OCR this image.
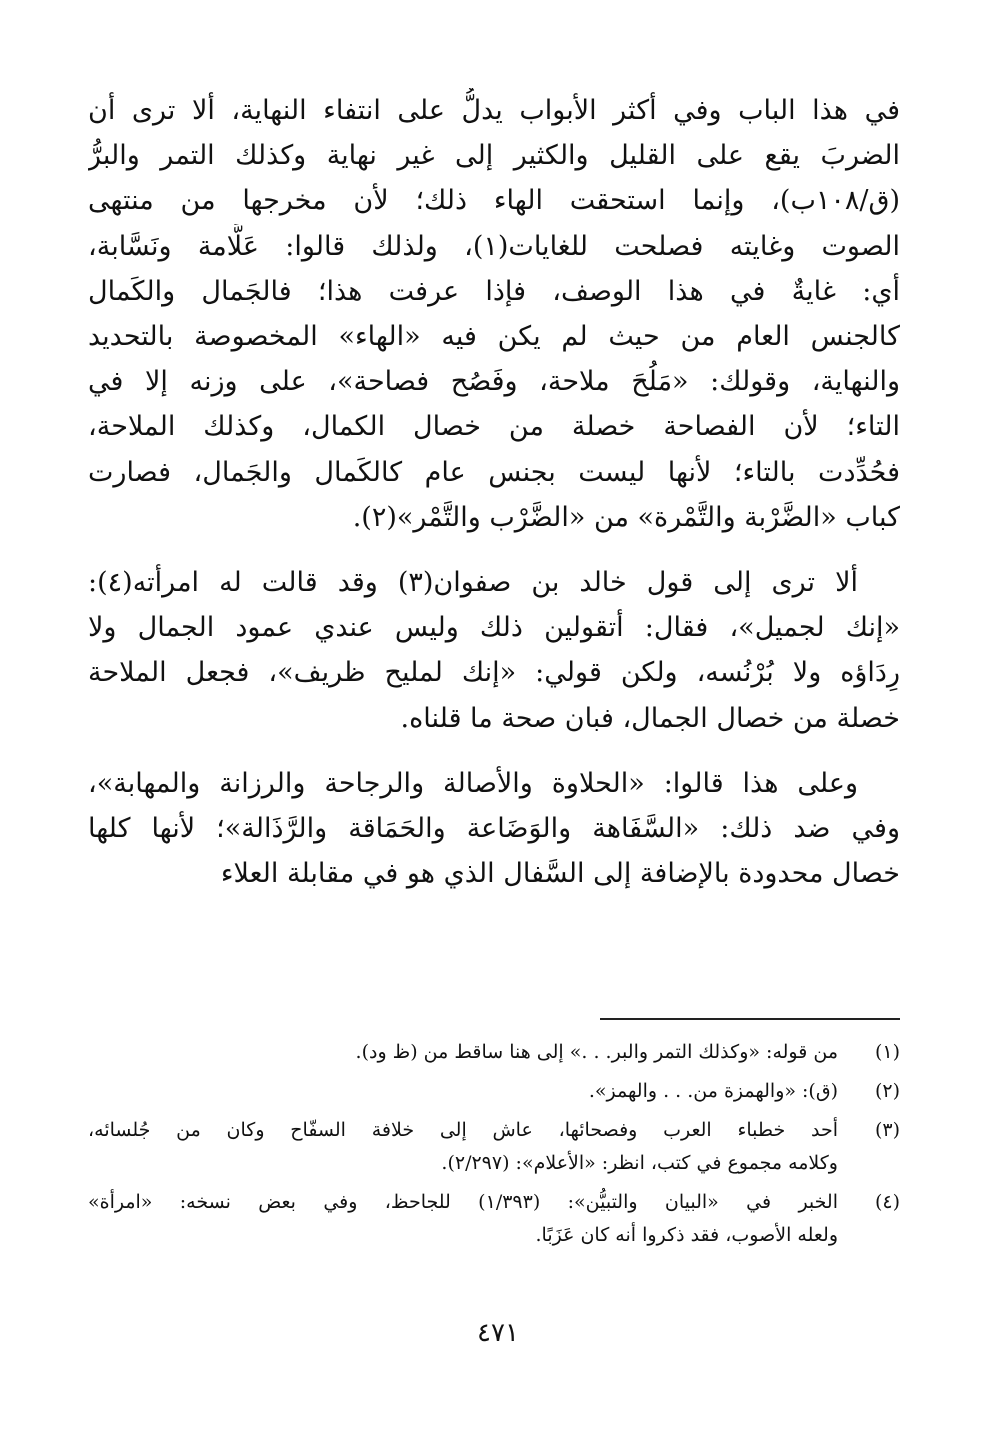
في هذا الباب وفي أكثر الأبواب يدلُّ على انتفاء النهاية، ألا ترى أن
الضربَ يقع على القليل والكثير إلى غير نهاية وكذلك التمر والبرُّ
(ق/١٠٨ب)، وإنما استحقت الهاء ذلك؛ لأن مخرجها من منتهى
الصوت وغايته فصلحت للغايات(١)، ولذلك قالوا: عَلَّامة ونَسَّابة،
أي: غايةٌ في هذا الوصف، فإذا عرفت هذا؛ فالجَمال والكَمال
كالجنس العام من حيث لم يكن فيه «الهاء» المخصوصة بالتحديد
والنهاية، وقولك: «مَلُحَ ملاحة، وفَصُح فصاحة»، على وزنه إلا في
التاء؛ لأن الفصاحة خصلة من خصال الكمال، وكذلك الملاحة،
فحُدِّدت بالتاء؛ لأنها ليست بجنس عام كالكَمال والجَمال، فصارت
كباب «الضَّرْبة والتَّمْرة» من «الضَّرْب والتَّمْر»(٢).
ألا ترى إلى قول خالد بن صفوان(٣) وقد قالت له امرأته(٤):
«إنك لجميل»، فقال: أتقولين ذلك وليس عندي عمود الجمال ولا
رِدَاؤه ولا بُرْنُسه، ولكن قولي: «إنك لمليح ظريف»، فجعل الملاحة
خصلة من خصال الجمال، فبان صحة ما قلناه.
وعلى هذا قالوا: «الحلاوة والأصالة والرجاحة والرزانة والمهابة»،
وفي ضد ذلك: «السَّفَاهة والوَضَاعة والحَمَاقة والرَّذَالة»؛ لأنها كلها
خصال محدودة بالإضافة إلى السَّفال الذي هو في مقابلة العلاء
(١)
من قوله: «وكذلك التمر والبر. . .» إلى هنا ساقط من (ظ ود).
(٢)
(ق): «والهمزة من. . . والهمز».
(٣)
أحد خطباء العرب وفصحائها، عاش إلى خلافة السفّاح وكان من جُلسائه،
وكلامه مجموع في كتب، انظر: «الأعلام»: (٢/٢٩٧).
(٤)
الخبر في «البيان والتبيُّن»: (١/٣٩٣) للجاحظ، وفي بعض نسخه: «امرأة»
ولعله الأصوب، فقد ذكروا أنه كان عَزَبًا.
٤٧١
